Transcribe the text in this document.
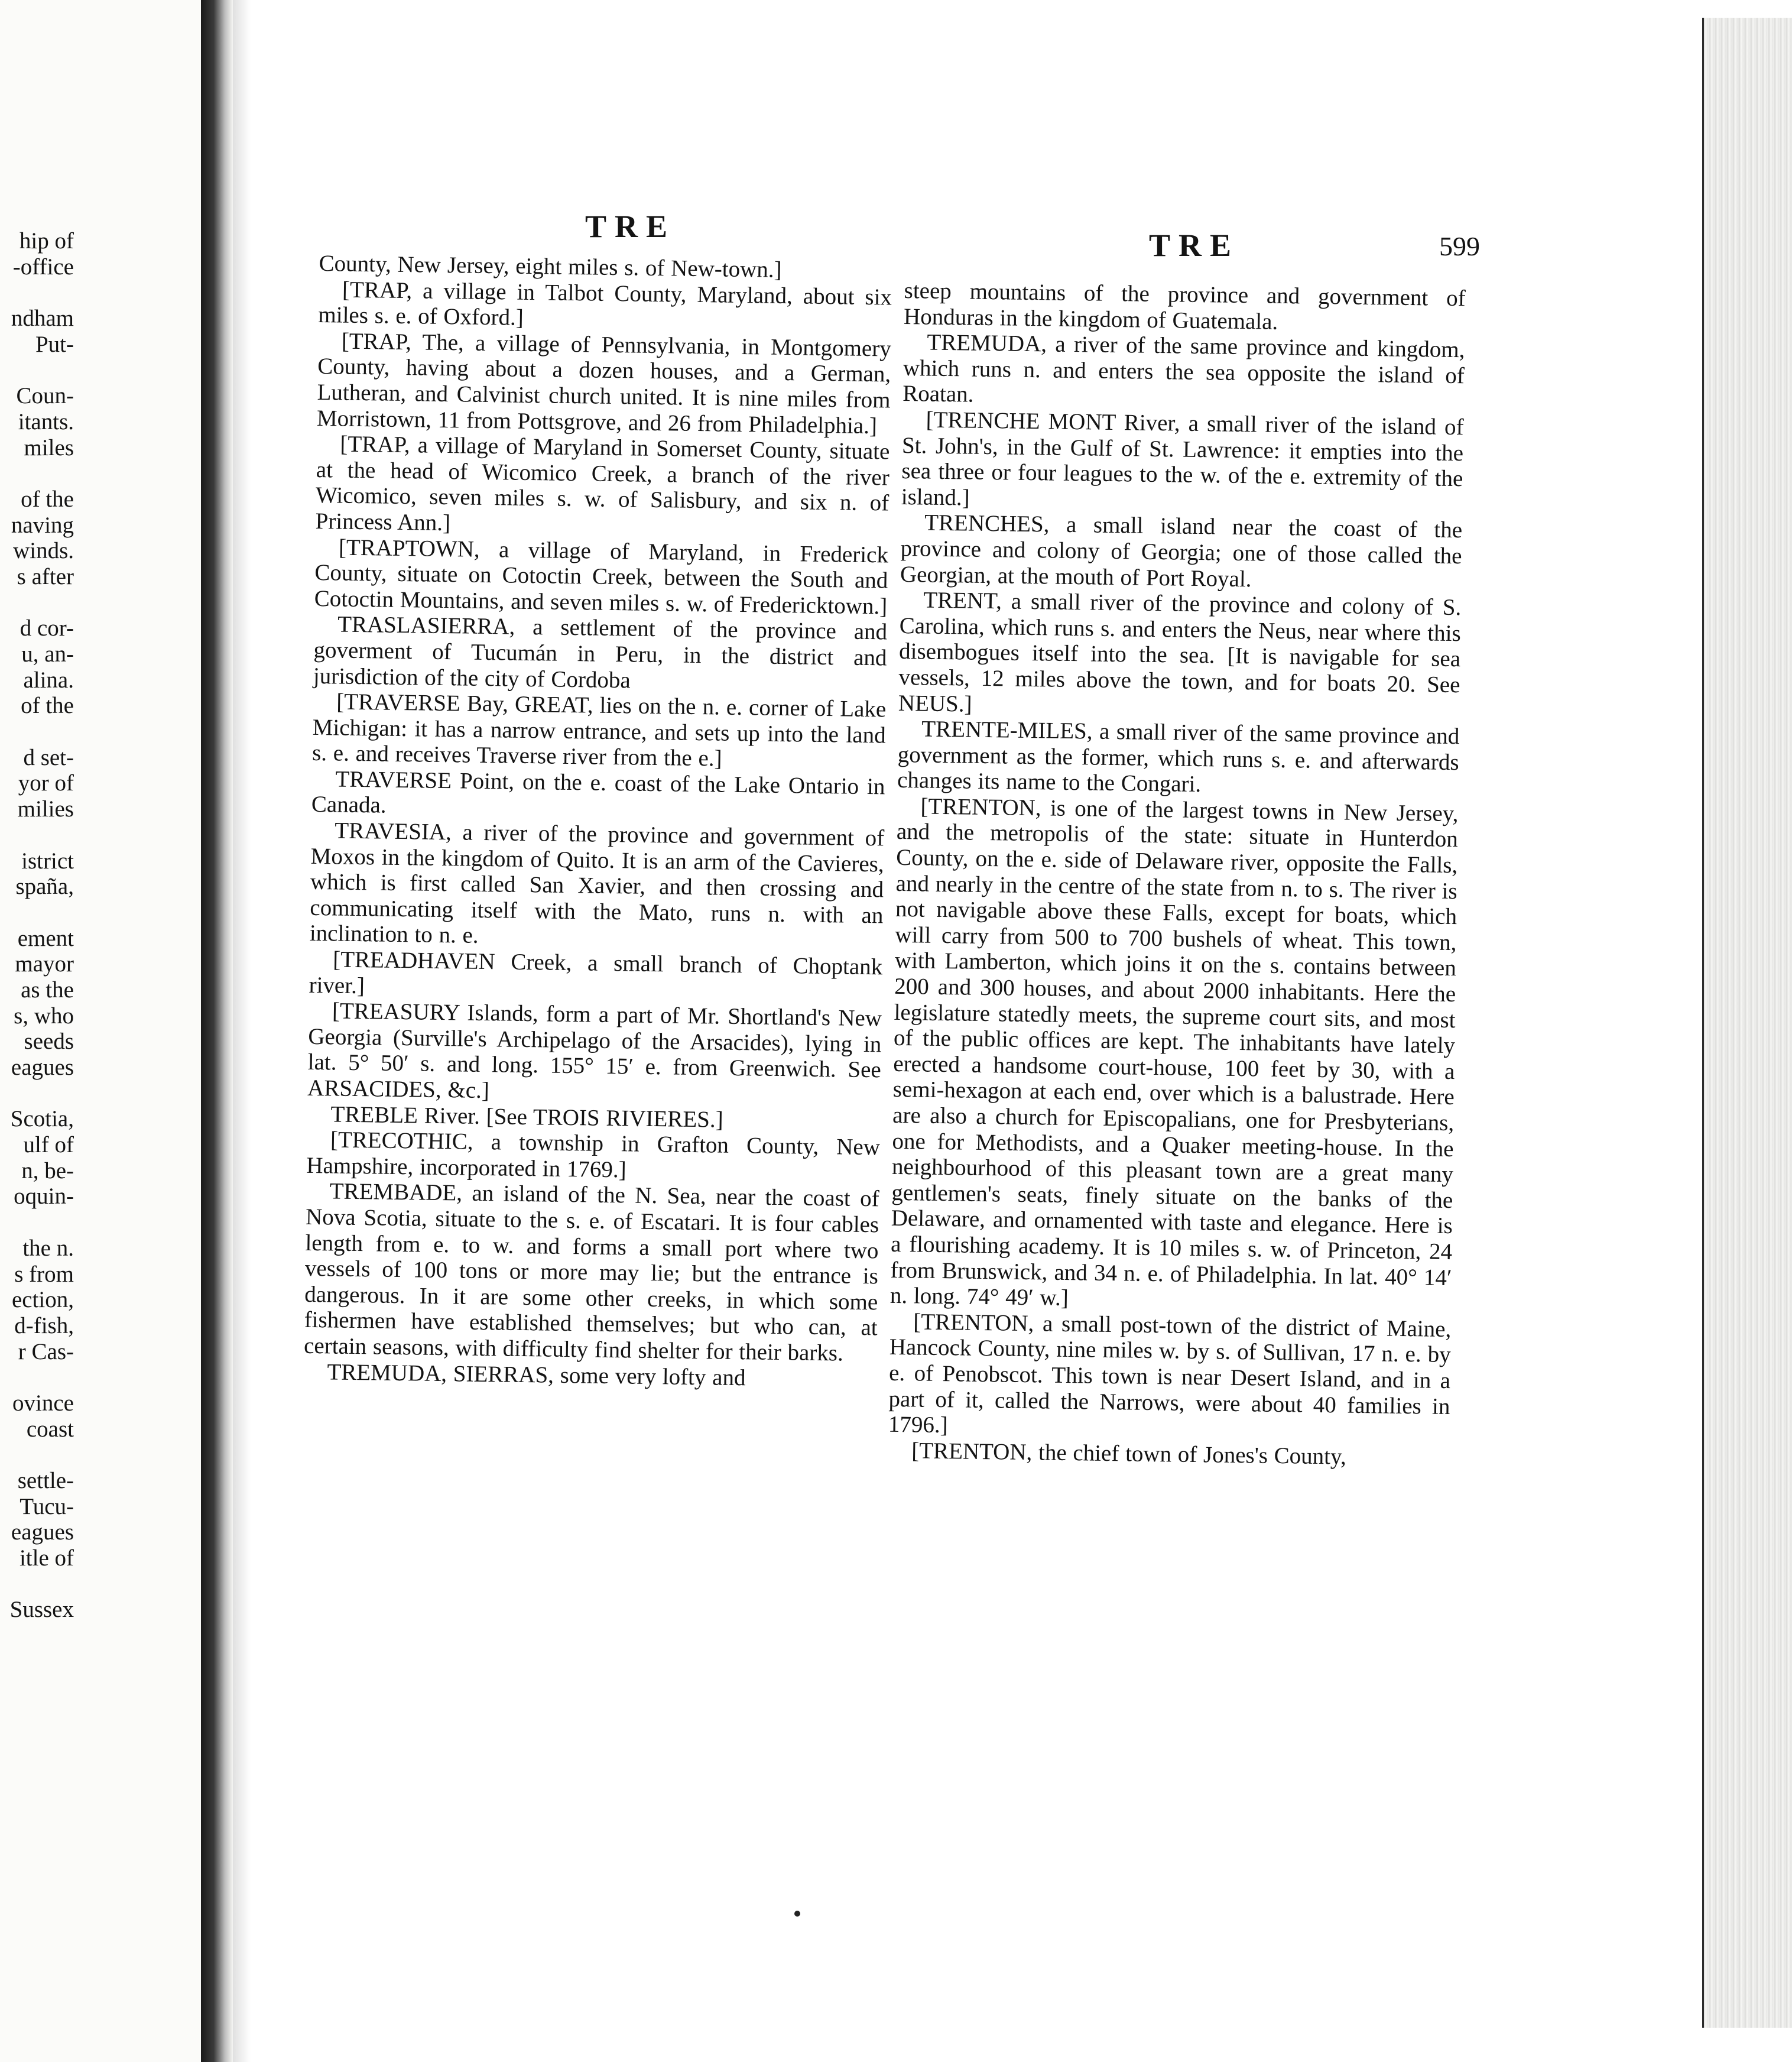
hip of
-office
ndham
Put-
Coun-
itants.
miles
of the
naving
winds.
s after
d cor-
u, an-
alina.
of the
d set-
yor of
milies
istrict
spaña,
ement
mayor
as the
s, who
seeds
eagues
Scotia,
ulf of
n, be-
oquin-
the n.
s from
ection,
d-fish,
r Cas-
ovince
coast
settle-
Tucu-
eagues
itle of
Sussex
TRE
TRE	599

County, New Jersey, eight miles s. of New-town.]

[TRAP, a village in Talbot County, Maryland, about six miles s. e. of Oxford.]

[TRAP, The, a village of Pennsylvania, in Montgomery County, having about a dozen houses, and a German, Lutheran, and Calvinist church united. It is nine miles from Morristown, 11 from Pottsgrove, and 26 from Philadelphia.]

[TRAP, a village of Maryland in Somerset County, situate at the head of Wicomico Creek, a branch of the river Wicomico, seven miles s. w. of Salisbury, and six n. of Princess Ann.]

[TRAPTOWN, a village of Maryland, in Frederick County, situate on Cotoctin Creek, between the South and Cotoctin Mountains, and seven miles s. w. of Fredericktown.]

TRASLASIERRA, a settlement of the province and goverment of Tucumán in Peru, in the district and jurisdiction of the city of Cordoba

[TRAVERSE Bay, GREAT, lies on the n. e. corner of Lake Michigan: it has a narrow entrance, and sets up into the land s. e. and receives Traverse river from the e.]

TRAVERSE Point, on the e. coast of the Lake Ontario in Canada.

TRAVESIA, a river of the province and government of Moxos in the kingdom of Quito. It is an arm of the Cavieres, which is first called San Xavier, and then crossing and communicating itself with the Mato, runs n. with an inclination to n. e.

[TREADHAVEN Creek, a small branch of Choptank river.]

[TREASURY Islands, form a part of Mr. Shortland's New Georgia (Surville's Archipelago of the Arsacides), lying in lat. 5° 50′ s. and long. 155° 15′ e. from Greenwich. See ARSACIDES, &c.]

TREBLE River. [See TROIS RIVIERES.]

[TRECOTHIC, a township in Grafton County, New Hampshire, incorporated in 1769.]

TREMBADE, an island of the N. Sea, near the coast of Nova Scotia, situate to the s. e. of Escatari. It is four cables length from e. to w. and forms a small port where two vessels of 100 tons or more may lie; but the entrance is dangerous. In it are some other creeks, in which some fishermen have established themselves; but who can, at certain seasons, with difficulty find shelter for their barks.

TREMUDA, SIERRAS, some very lofty and

steep mountains of the province and government of Honduras in the kingdom of Guatemala.

TREMUDA, a river of the same province and kingdom, which runs n. and enters the sea opposite the island of Roatan.

[TRENCHE MONT River, a small river of the island of St. John's, in the Gulf of St. Lawrence: it empties into the sea three or four leagues to the w. of the e. extremity of the island.]

TRENCHES, a small island near the coast of the province and colony of Georgia; one of those called the Georgian, at the mouth of Port Royal.

TRENT, a small river of the province and colony of S. Carolina, which runs s. and enters the Neus, near where this disembogues itself into the sea. [It is navigable for sea vessels, 12 miles above the town, and for boats 20. See NEUS.]

TRENTE-MILES, a small river of the same province and government as the former, which runs s. e. and afterwards changes its name to the Congari.

[TRENTON, is one of the largest towns in New Jersey, and the metropolis of the state: situate in Hunterdon County, on the e. side of Delaware river, opposite the Falls, and nearly in the centre of the state from n. to s. The river is not navigable above these Falls, except for boats, which will carry from 500 to 700 bushels of wheat. This town, with Lamberton, which joins it on the s. contains between 200 and 300 houses, and about 2000 inhabitants. Here the legislature statedly meets, the supreme court sits, and most of the public offices are kept. The inhabitants have lately erected a handsome court-house, 100 feet by 30, with a semi-hexagon at each end, over which is a balustrade. Here are also a church for Episcopalians, one for Presbyterians, one for Methodists, and a Quaker meeting-house. In the neighbourhood of this pleasant town are a great many gentlemen's seats, finely situate on the banks of the Delaware, and ornamented with taste and elegance. Here is a flourishing academy. It is 10 miles s. w. of Princeton, 24 from Brunswick, and 34 n. e. of Philadelphia. In lat. 40° 14′ n. long. 74° 49′ w.]

[TRENTON, a small post-town of the district of Maine, Hancock County, nine miles w. by s. of Sullivan, 17 n. e. by e. of Penobscot. This town is near Desert Island, and in a part of it, called the Narrows, were about 40 families in 1796.]

[TRENTON, the chief town of Jones's County,
